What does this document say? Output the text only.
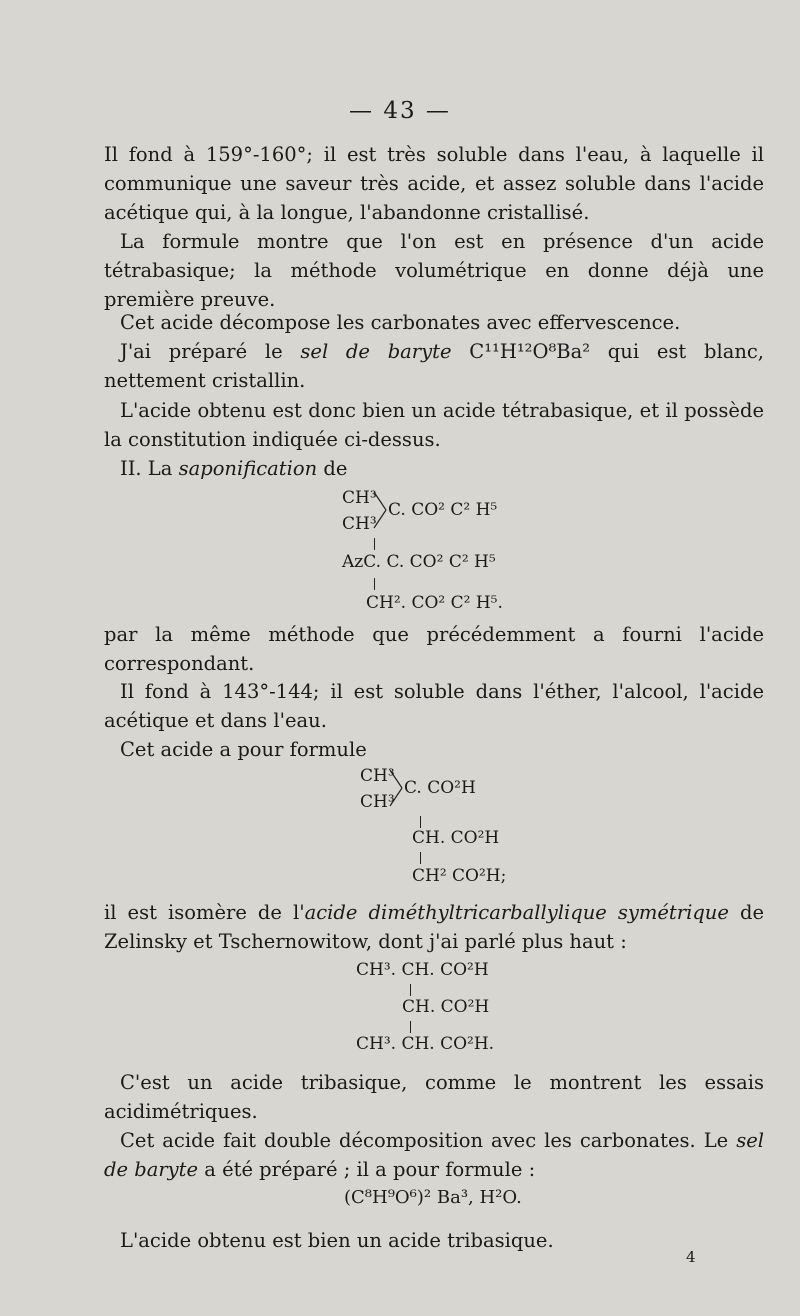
— 43 —

Il fond à 159°-160°; il est très soluble dans l'eau, à laquelle il communique une saveur très acide, et assez soluble dans l'acide acétique qui, à la longue, l'abandonne cristallisé.

La formule montre que l'on est en présence d'un acide tétrabasique; la méthode volumétrique en donne déjà une première preuve.

Cet acide décompose les carbonates avec effervescence.

J'ai préparé le sel de baryte C¹¹H¹²O⁸Ba² qui est blanc, nettement cristallin.

L'acide obtenu est donc bien un acide tétrabasique, et il possède la constitution indiquée ci-dessus.

II. La saponification de

CH³
C. CO² C² H⁵
CH³
AzC. C. CO² C² H⁵
CH². CO² C² H⁵.

par la même méthode que précédemment a fourni l'acide correspondant.

Il fond à 143°-144; il est soluble dans l'éther, l'alcool, l'acide acétique et dans l'eau.

Cet acide a pour formule

CH³
C. CO²H
CH³
CH. CO²H
CH² CO²H;

il est isomère de l'acide diméthyltricarballylique symétrique de Zelinsky et Tschernowitow, dont j'ai parlé plus haut :

CH³. CH. CO²H
CH. CO²H
CH³. CH. CO²H.

C'est un acide tribasique, comme le montrent les essais acidimétriques.

Cet acide fait double décomposition avec les carbonates. Le sel de baryte a été préparé ; il a pour formule :

(C⁸H⁹O⁶)² Ba³, H²O.

L'acide obtenu est bien un acide tribasique.

4
